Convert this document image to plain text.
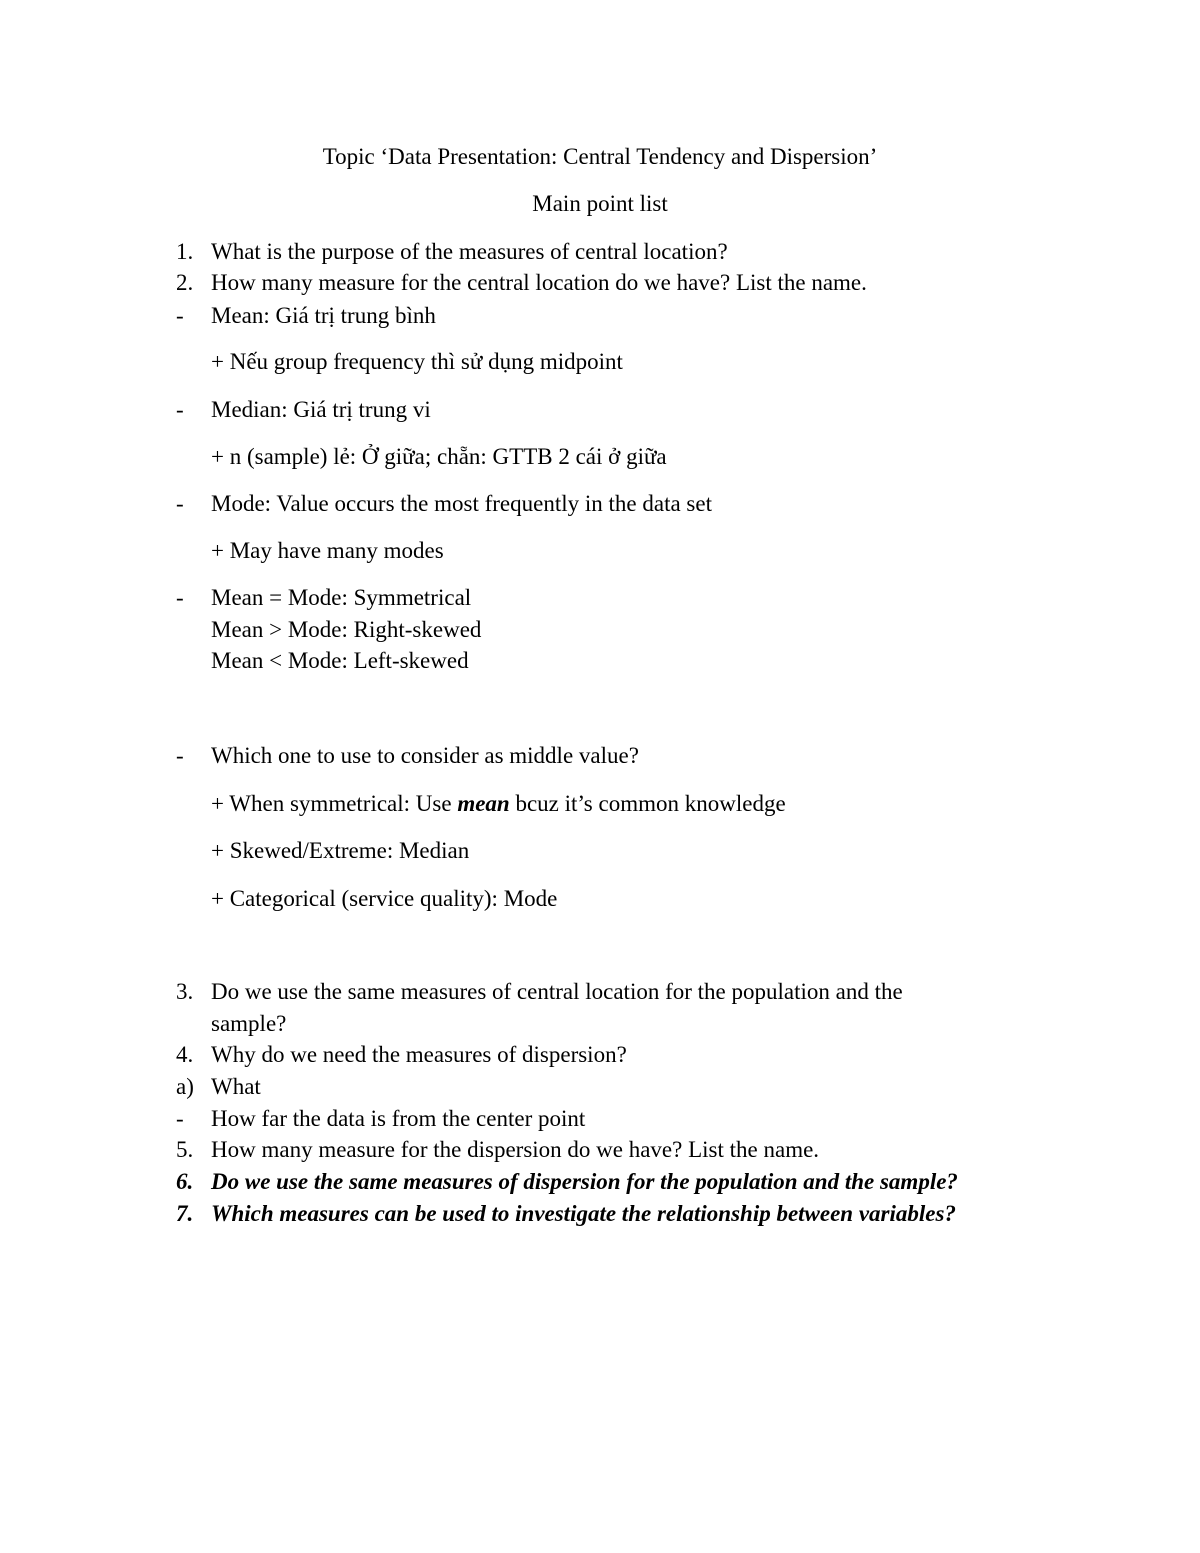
Topic ‘Data Presentation: Central Tendency and Dispersion’
Main point list
1. What is the purpose of the measures of central location?
2. How many measure for the central location do we have? List the name.
- Mean: Giá trị trung bình
+ Nếu group frequency thì sử dụng midpoint
- Median: Giá trị trung vi
+ n (sample) lẻ: Ở giữa; chẵn: GTTB 2 cái ở giữa
- Mode: Value occurs the most frequently in the data set
+ May have many modes
- Mean = Mode: Symmetrical
Mean > Mode: Right-skewed
Mean < Mode: Left-skewed
- Which one to use to consider as middle value?
+ When symmetrical: Use mean bcuz it’s common knowledge
+ Skewed/Extreme: Median
+ Categorical (service quality): Mode
3. Do we use the same measures of central location for the population and the
sample?
4. Why do we need the measures of dispersion?
a) What
- How far the data is from the center point
5. How many measure for the dispersion do we have? List the name.
6. Do we use the same measures of dispersion for the population and the sample?
7. Which measures can be used to investigate the relationship between variables?
